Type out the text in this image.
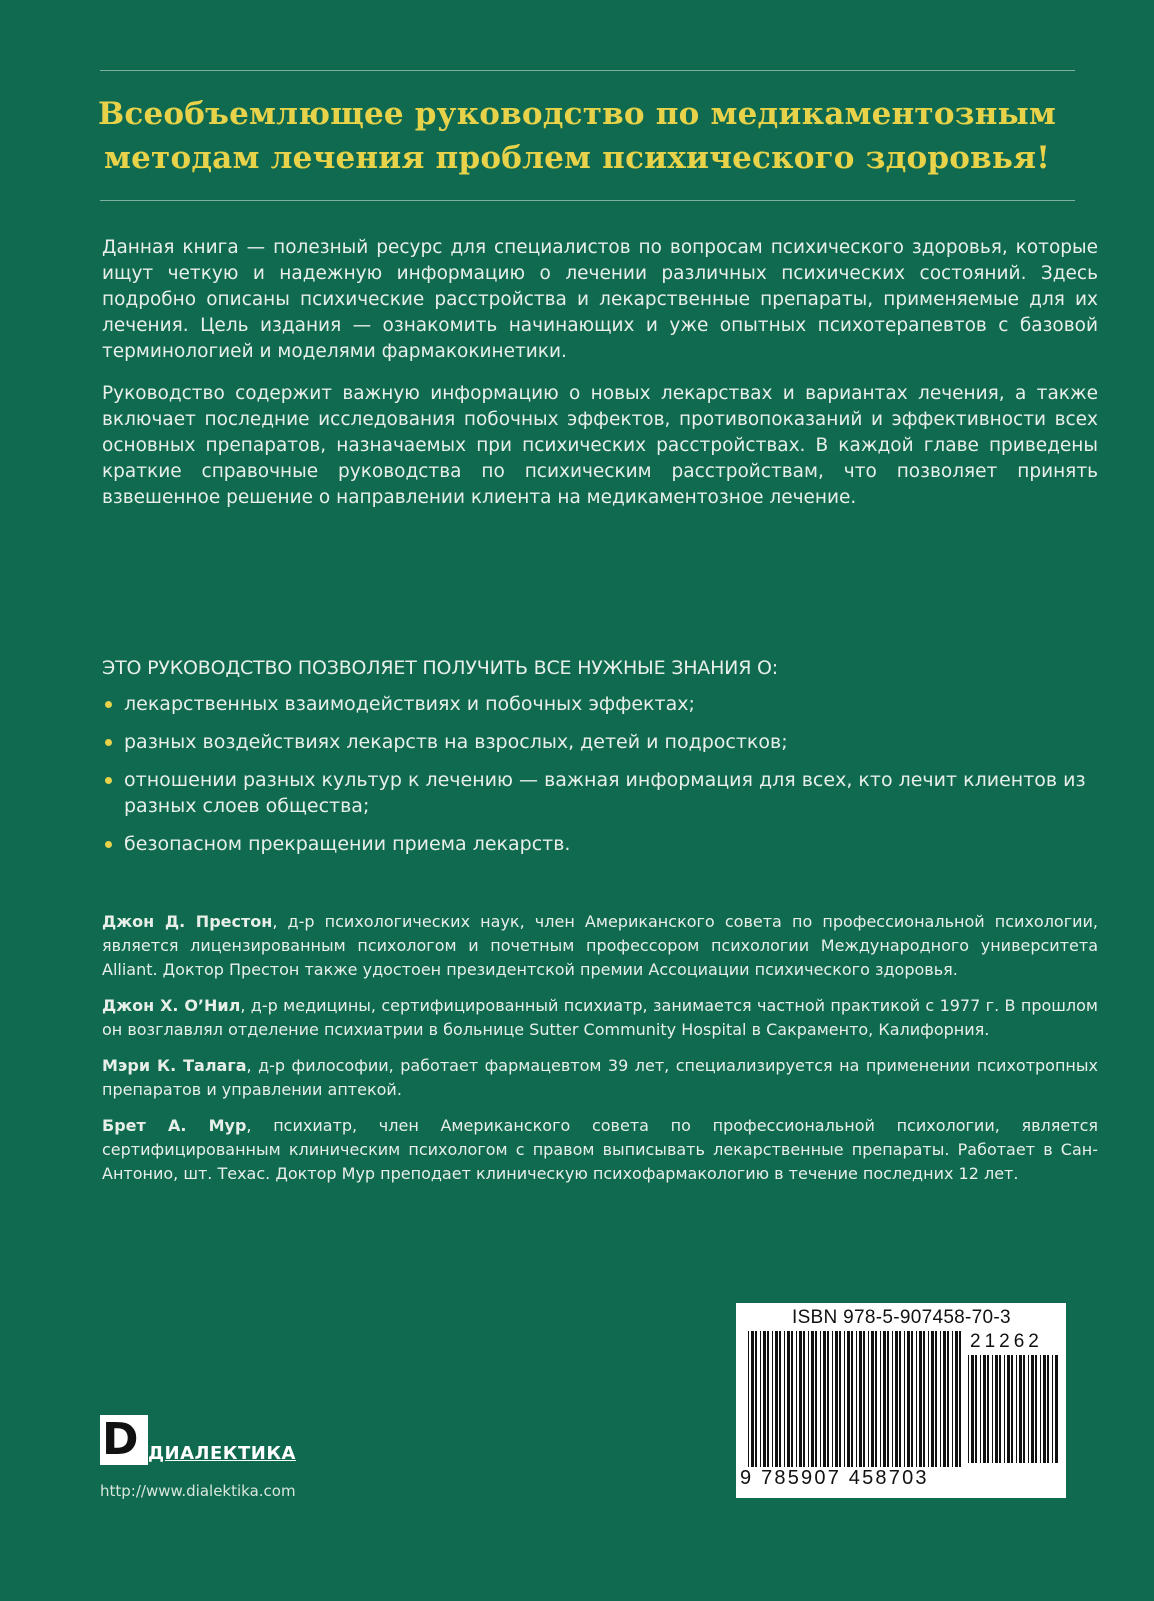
Всеобъемлющее руководство по медикаментозным
методам лечения проблем психического здоровья!

Данная книга — полезный ресурс для специалистов по вопросам психического здоровья, которые ищут четкую и надежную информацию о лечении различных психических состояний. Здесь подробно описаны психические расстройства и лекарственные препараты, применяемые для их лечения. Цель издания — ознакомить начинающих и уже опытных психотерапевтов с базовой терминологией и моделями фармакокинетики.

Руководство содержит важную информацию о новых лекарствах и вариантах лечения, а также включает последние исследования побочных эффектов, противопоказаний и эффективности всех основных препаратов, назначаемых при психических расстройствах. В каждой главе приведены краткие справочные руководства по психическим расстройствам, что позволяет принять взвешенное решение о направлении клиента на медикаментозное лечение.

ЭТО РУКОВОДСТВО ПОЗВОЛЯЕТ ПОЛУЧИТЬ ВСЕ НУЖНЫЕ ЗНАНИЯ О:
лекарственных взаимодействиях и побочных эффектах;
разных воздействиях лекарств на взрослых, детей и подростков;
отношении разных культур к лечению — важная информация для всех, кто лечит клиентов из разных слоев общества;
безопасном прекращении приема лекарств.

Джон Д. Престон, д-р психологических наук, член Американского совета по профессиональной психологии, является лицензированным психологом и почетным профессором психологии Международного университета Alliant. Доктор Престон также удостоен президентской премии Ассоциации психического здоровья.

Джон Х. О’Нил, д-р медицины, сертифицированный психиатр, занимается частной практикой с 1977 г. В прошлом он возглавлял отделение психиатрии в больнице Sutter Community Hospital в Сакраменто, Калифорния.

Мэри К. Талага, д-р философии, работает фармацевтом 39 лет, специализируется на применении психотропных препаратов и управлении аптекой.

Брет А. Мур, психиатр, член Американского совета по профессиональной психологии, является сертифицированным клиническим психологом с правом выписывать лекарственные препараты. Работает в Сан-Антонио, шт. Техас. Доктор Мур преподает клиническую психофармакологию в течение последних 12 лет.

ISBN 978-5-907458-70-3
21262
9 785907 458703
D ДИАЛЕКТИКА
http://www.dialektika.com
